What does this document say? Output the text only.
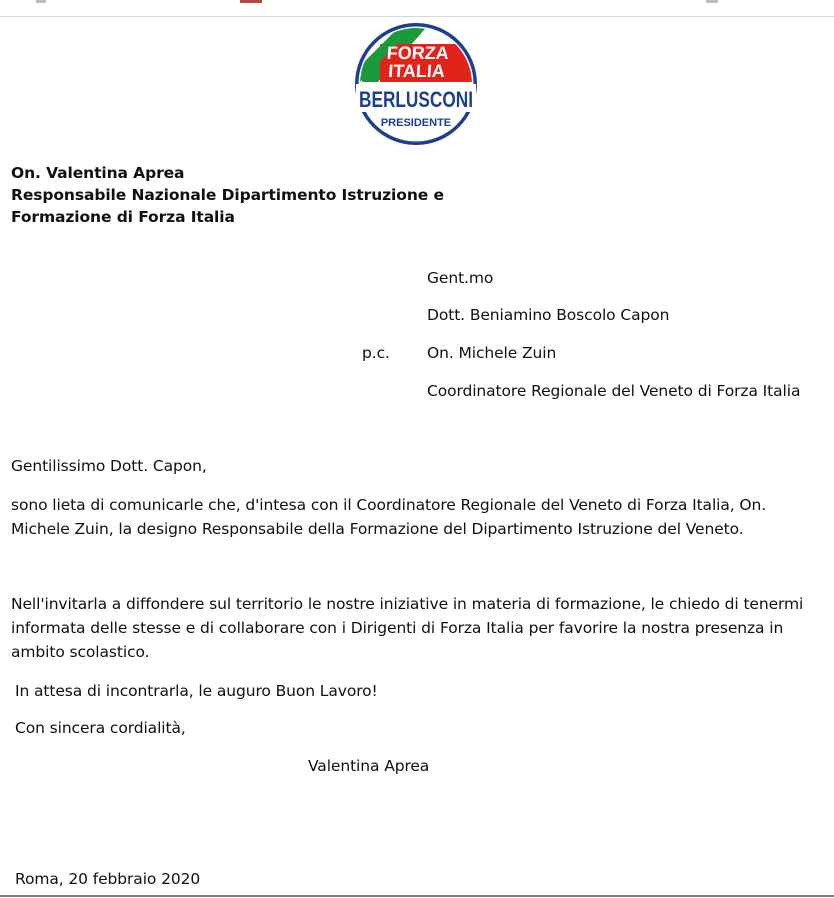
FORZA
ITALIA
BERLUSCONI
PRESIDENTE
On. Valentina Aprea
Responsabile Nazionale Dipartimento Istruzione e
Formazione di Forza Italia
Gent.mo
Dott. Beniamino Boscolo Capon
p.c. On. Michele Zuin
Coordinatore Regionale del Veneto di Forza Italia
Gentilissimo Dott. Capon,

sono lieta di comunicarle che, d'intesa con il Coordinatore Regionale del Veneto di Forza Italia, On. Michele Zuin, la designo Responsabile della Formazione del Dipartimento Istruzione del Veneto.

Nell'invitarla a diffondere sul territorio le nostre iniziative in materia di formazione, le chiedo di tenermi informata delle stesse e di collaborare con i Dirigenti di Forza Italia per favorire la nostra presenza in ambito scolastico.

In attesa di incontrarla, le auguro Buon Lavoro!
Con sincera cordialità,
Valentina Aprea
Roma, 20 febbraio 2020
